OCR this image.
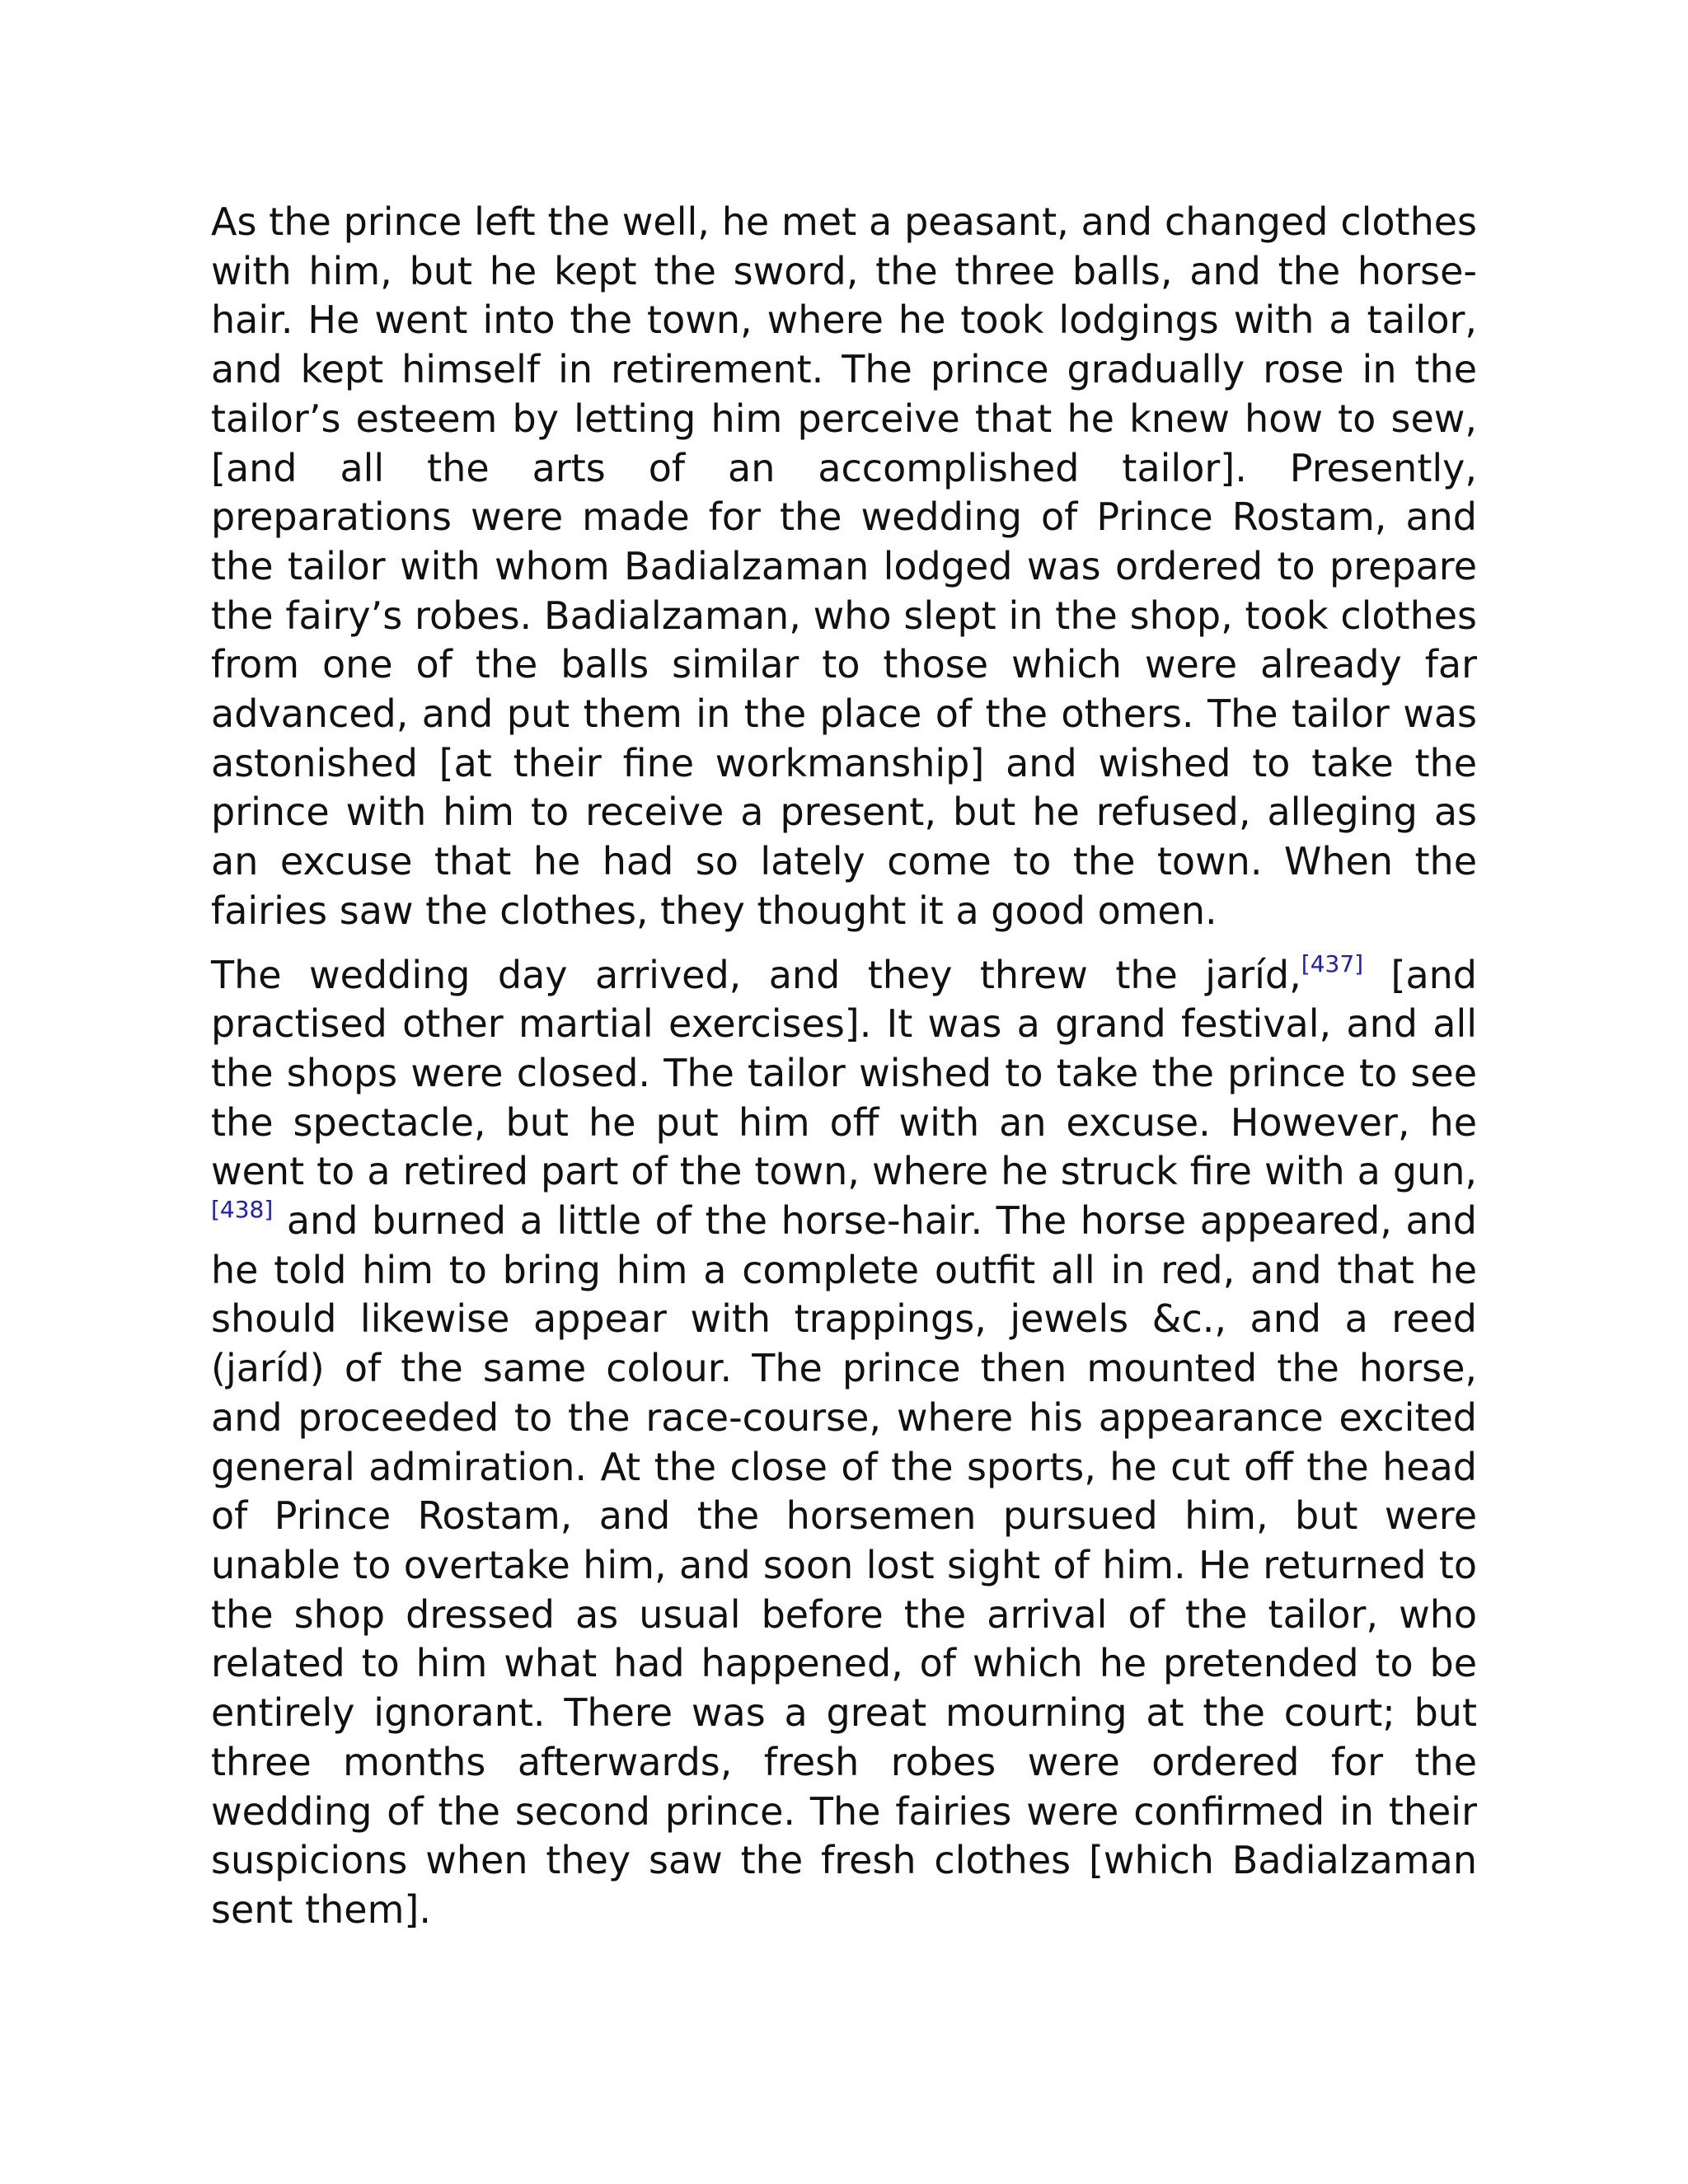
As the prince left the well, he met a peasant, and changed clothes with him, but he kept the sword, the three balls, and the horse-hair. He went into the town, where he took lodgings with a tailor, and kept himself in retirement. The prince gradually rose in the tailor’s esteem by letting him perceive that he knew how to sew, [and all the arts of an accomplished tailor]. Presently, preparations were made for the wedding of Prince Rostam, and the tailor with whom Badialzaman lodged was ordered to prepare the fairy’s robes. Badialzaman, who slept in the shop, took clothes from one of the balls similar to those which were already far advanced, and put them in the place of the others. The tailor was astonished [at their fine workmanship] and wished to take the prince with him to receive a present, but he refused, alleging as an excuse that he had so lately come to the town. When the fairies saw the clothes, they thought it a good omen.

The wedding day arrived, and they threw the jaríd,[437] [and practised other martial exercises]. It was a grand festival, and all the shops were closed. The tailor wished to take the prince to see the spectacle, but he put him off with an excuse. However, he went to a retired part of the town, where he struck fire with a gun,[438] and burned a little of the horse-hair. The horse appeared, and he told him to bring him a complete outfit all in red, and that he should likewise appear with trappings, jewels &c., and a reed (jaríd) of the same colour. The prince then mounted the horse, and proceeded to the race-course, where his appearance excited general admiration. At the close of the sports, he cut off the head of Prince Rostam, and the horsemen pursued him, but were unable to overtake him, and soon lost sight of him. He returned to the shop dressed as usual before the arrival of the tailor, who related to him what had happened, of which he pretended to be entirely ignorant. There was a great mourning at the court; but three months afterwards, fresh robes were ordered for the wedding of the second prince. The fairies were confirmed in their suspicions when they saw the fresh clothes [which Badialzaman sent them].
